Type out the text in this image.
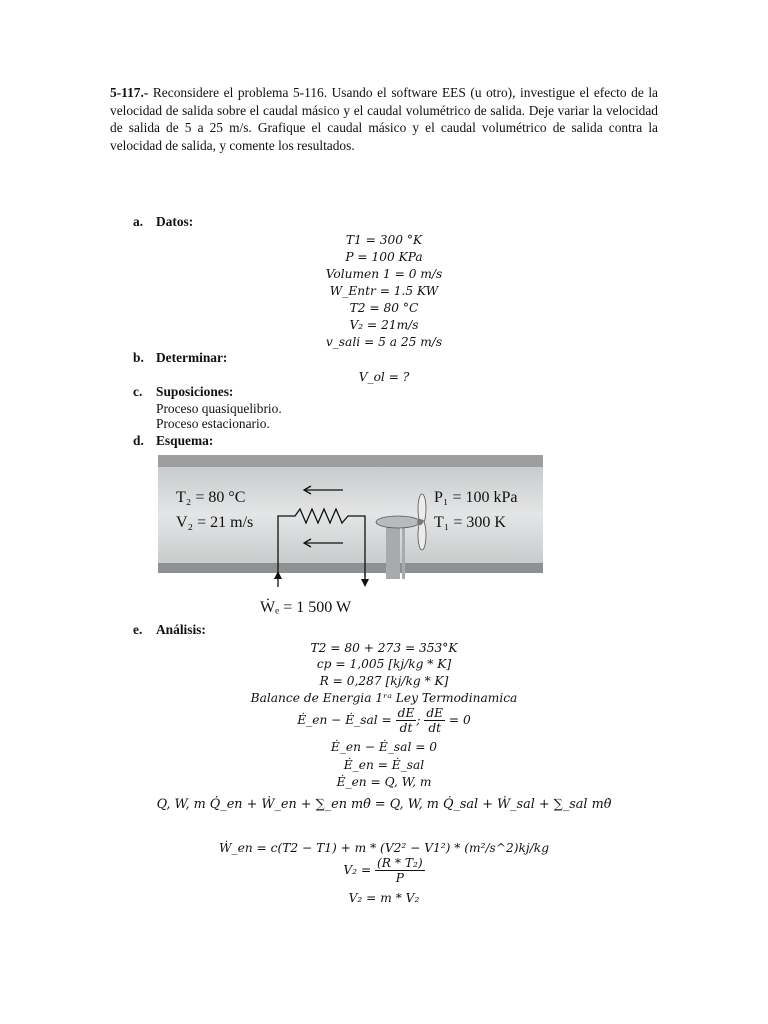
5-117.- Reconsidere el problema 5-116. Usando el software EES (u otro), investigue el efecto de la velocidad de salida sobre el caudal másico y el caudal volumétrico de salida. Deje variar la velocidad de salida de 5 a 25 m/s. Grafique el caudal másico y el caudal volumétrico de salida contra la velocidad de salida, y comente los resultados.
a. Datos:
T1 = 300 °K
P = 100 KPa
Volumen 1 = 0 m/s
W_Entr = 1.5 KW
T2 = 80 °C
V₂ = 21m/s
v_sali = 5 a 25 m/s
b. Determinar:
V_ol = ?
c. Suposiciones:
Proceso quasiquelibrio.
Proceso estacionario.
d. Esquema:
T₂ = 80 °C
V₂ = 21 m/s
P₁ = 100 kPa
T₁ = 300 K
Ẇₑ = 1 500 W
e. Análisis:
T2 = 80 + 273 = 353°K
cp = 1,005 [kj/kg * K]
R = 0,287 [kj/kg * K]
Balance de Energia 1ʳᵃ Ley Termodinamica
Ė_en − Ė_sal = $\frac{dE}{dt}$ ; $\frac{dE}{dt} = 0$
Ė_en − Ė_sal = 0
Ė_en = Ė_sal
Ė_en = Q, W, m
Q, W, m Q̇_en + Ẇ_en + ∑_en mθ̇ = Q, W, m Q̇_sal + Ẇ_sal + ∑_sal mθ̇
Ẇ_en = c(T2 − T1) + m * (V2² − V1²) * (m²/s^2)kj/kg
$V_2 = \frac{\text{(R * T₂)}}{P}$
V₂ = m * V₂
